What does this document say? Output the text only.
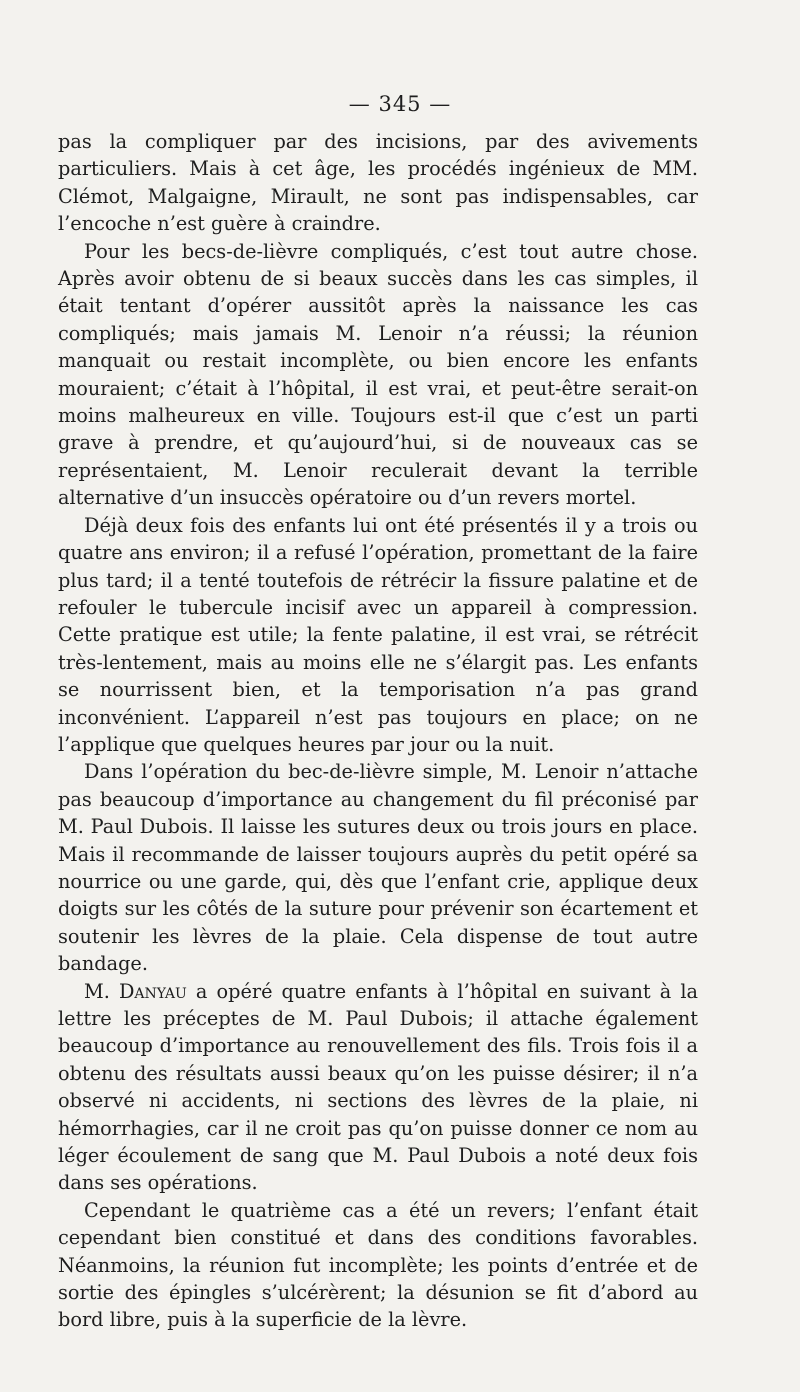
— 345 —

pas la compliquer par des incisions, par des avivements particuliers. Mais à cet âge, les procédés ingénieux de MM. Clémot, Malgaigne, Mirault, ne sont pas indispensables, car l’encoche n’est guère à craindre.

Pour les becs-de-lièvre compliqués, c’est tout autre chose. Après avoir obtenu de si beaux succès dans les cas simples, il était tentant d’opérer aussitôt après la naissance les cas compliqués; mais jamais M. Lenoir n’a réussi; la réunion manquait ou restait incomplète, ou bien encore les enfants mouraient; c’était à l’hôpital, il est vrai, et peut-être serait-on moins malheureux en ville. Toujours est-il que c’est un parti grave à prendre, et qu’aujourd’hui, si de nouveaux cas se représentaient, M. Lenoir reculerait devant la terrible alternative d’un insuccès opératoire ou d’un revers mortel.

Déjà deux fois des enfants lui ont été présentés il y a trois ou quatre ans environ; il a refusé l’opération, promettant de la faire plus tard; il a tenté toutefois de rétrécir la fissure palatine et de refouler le tubercule incisif avec un appareil à compression. Cette pratique est utile; la fente palatine, il est vrai, se rétrécit très-lentement, mais au moins elle ne s’élargit pas. Les enfants se nourrissent bien, et la temporisation n’a pas grand inconvénient. L’appareil n’est pas toujours en place; on ne l’applique que quelques heures par jour ou la nuit.

Dans l’opération du bec-de-lièvre simple, M. Lenoir n’attache pas beaucoup d’importance au changement du fil préconisé par M. Paul Dubois. Il laisse les sutures deux ou trois jours en place. Mais il recommande de laisser toujours auprès du petit opéré sa nourrice ou une garde, qui, dès que l’enfant crie, applique deux doigts sur les côtés de la suture pour prévenir son écartement et soutenir les lèvres de la plaie. Cela dispense de tout autre bandage.

M. Danyau a opéré quatre enfants à l’hôpital en suivant à la lettre les préceptes de M. Paul Dubois; il attache également beaucoup d’importance au renouvellement des fils. Trois fois il a obtenu des résultats aussi beaux qu’on les puisse désirer; il n’a observé ni accidents, ni sections des lèvres de la plaie, ni hémorrhagies, car il ne croit pas qu’on puisse donner ce nom au léger écoulement de sang que M. Paul Dubois a noté deux fois dans ses opérations.

Cependant le quatrième cas a été un revers; l’enfant était cependant bien constitué et dans des conditions favorables. Néanmoins, la réunion fut incomplète; les points d’entrée et de sortie des épingles s’ulcérèrent; la désunion se fit d’abord au bord libre, puis à la superficie de la lèvre.
